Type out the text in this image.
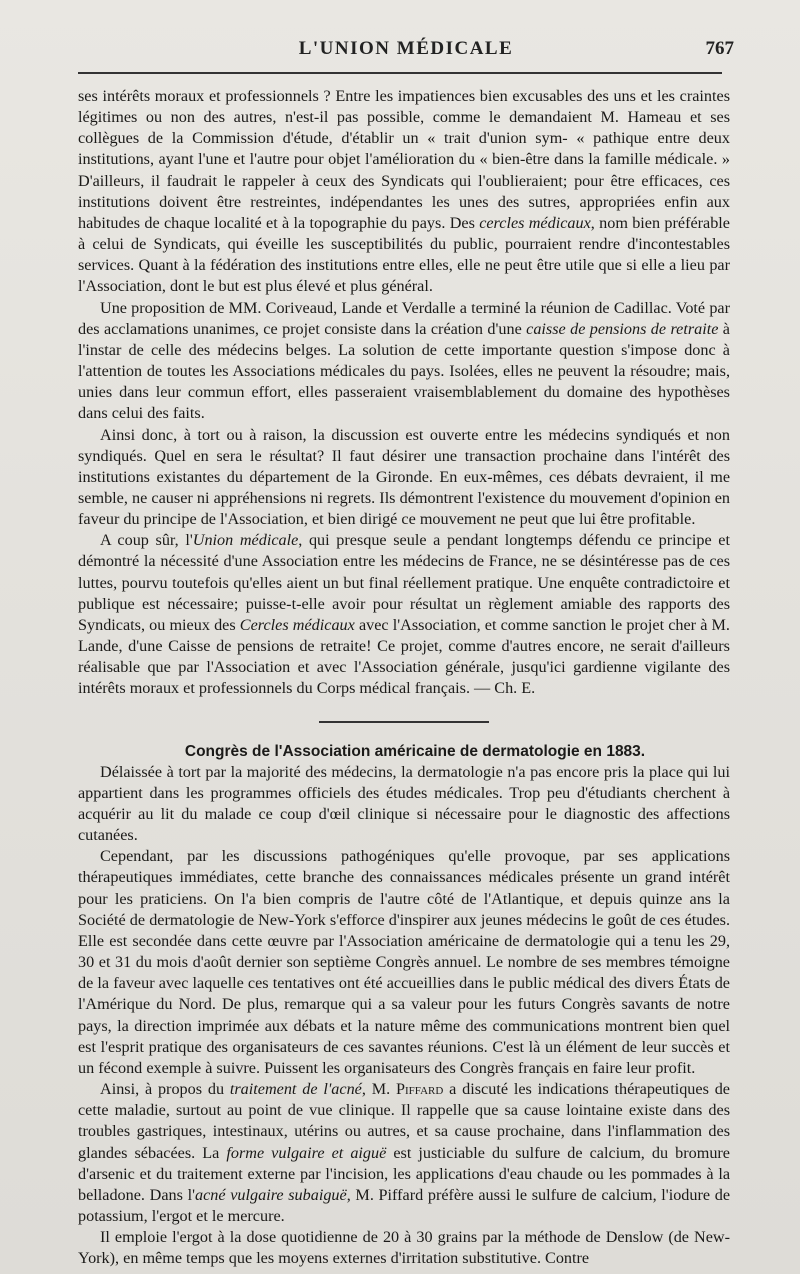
L'UNION MÉDICALE	767

ses intérêts moraux et professionnels ? Entre les impatiences bien excusables des uns et les craintes légitimes ou non des autres, n'est-il pas possible, comme le demandaient M. Hameau et ses collègues de la Commission d'étude, d'établir un « trait d'union sym- « pathique entre deux institutions, ayant l'une et l'autre pour objet l'amélioration du « bien-être dans la famille médicale. » D'ailleurs, il faudrait le rappeler à ceux des Syndicats qui l'oublieraient; pour être efficaces, ces institutions doivent être restreintes, indépendantes les unes des sutres, appropriées enfin aux habitudes de chaque localité et à la topographie du pays. Des cercles médicaux, nom bien préférable à celui de Syndicats, qui éveille les susceptibilités du public, pourraient rendre d'incontestables services. Quant à la fédération des institutions entre elles, elle ne peut être utile que si elle a lieu par l'Association, dont le but est plus élevé et plus général.

Une proposition de MM. Coriveaud, Lande et Verdalle a terminé la réunion de Cadillac. Voté par des acclamations unanimes, ce projet consiste dans la création d'une caisse de pensions de retraite à l'instar de celle des médecins belges. La solution de cette importante question s'impose donc à l'attention de toutes les Associations médicales du pays. Isolées, elles ne peuvent la résoudre; mais, unies dans leur commun effort, elles passeraient vraisemblablement du domaine des hypothèses dans celui des faits.

Ainsi donc, à tort ou à raison, la discussion est ouverte entre les médecins syndiqués et non syndiqués. Quel en sera le résultat? Il faut désirer une transaction prochaine dans l'intérêt des institutions existantes du département de la Gironde. En eux-mêmes, ces débats devraient, il me semble, ne causer ni appréhensions ni regrets. Ils démontrent l'existence du mouvement d'opinion en faveur du principe de l'Association, et bien dirigé ce mouvement ne peut que lui être profitable.

A coup sûr, l'Union médicale, qui presque seule a pendant longtemps défendu ce principe et démontré la nécessité d'une Association entre les médecins de France, ne se désintéresse pas de ces luttes, pourvu toutefois qu'elles aient un but final réellement pratique. Une enquête contradictoire et publique est nécessaire; puisse-t-elle avoir pour résultat un règlement amiable des rapports des Syndicats, ou mieux des Cercles médicaux avec l'Association, et comme sanction le projet cher à M. Lande, d'une Caisse de pensions de retraite! Ce projet, comme d'autres encore, ne serait d'ailleurs réalisable que par l'Association et avec l'Association générale, jusqu'ici gardienne vigilante des intérêts moraux et professionnels du Corps médical français. — Ch. E.

Congrès de l'Association américaine de dermatologie en 1883.

Délaissée à tort par la majorité des médecins, la dermatologie n'a pas encore pris la place qui lui appartient dans les programmes officiels des études médicales. Trop peu d'étudiants cherchent à acquérir au lit du malade ce coup d'œil clinique si nécessaire pour le diagnostic des affections cutanées.

Cependant, par les discussions pathogéniques qu'elle provoque, par ses applications thérapeutiques immédiates, cette branche des connaissances médicales présente un grand intérêt pour les praticiens. On l'a bien compris de l'autre côté de l'Atlantique, et depuis quinze ans la Société de dermatologie de New-York s'efforce d'inspirer aux jeunes médecins le goût de ces études. Elle est secondée dans cette œuvre par l'Association américaine de dermatologie qui a tenu les 29, 30 et 31 du mois d'août dernier son septième Congrès annuel. Le nombre de ses membres témoigne de la faveur avec laquelle ces tentatives ont été accueillies dans le public médical des divers États de l'Amérique du Nord. De plus, remarque qui a sa valeur pour les futurs Congrès savants de notre pays, la direction imprimée aux débats et la nature même des communications montrent bien quel est l'esprit pratique des organisateurs de ces savantes réunions. C'est là un élément de leur succès et un fécond exemple à suivre. Puissent les organisateurs des Congrès français en faire leur profit.

Ainsi, à propos du traitement de l'acné, M. Piffard a discuté les indications thérapeutiques de cette maladie, surtout au point de vue clinique. Il rappelle que sa cause lointaine existe dans des troubles gastriques, intestinaux, utérins ou autres, et sa cause prochaine, dans l'inflammation des glandes sébacées. La forme vulgaire et aiguë est justiciable du sulfure de calcium, du bromure d'arsenic et du traitement externe par l'incision, les applications d'eau chaude ou les pommades à la belladone. Dans l'acné vulgaire subaiguë, M. Piffard préfère aussi le sulfure de calcium, l'iodure de potassium, l'ergot et le mercure.

Il emploie l'ergot à la dose quotidienne de 20 à 30 grains par la méthode de Denslow (de New-York), en même temps que les moyens externes d'irritation substitutive. Contre
